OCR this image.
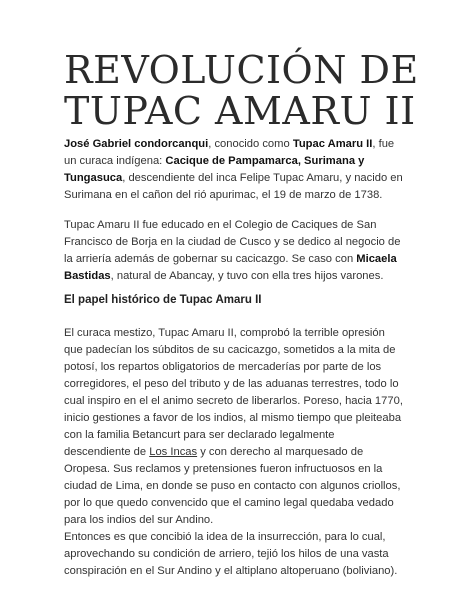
REVOLUCIÓN DE TUPAC AMARU II

José Gabriel condorcanqui, conocido como Tupac Amaru II, fue un curaca indígena: Cacique de Pampamarca, Surimana y Tungasuca, descendiente del inca Felipe Tupac Amaru, y nacido en Surimana en el cañon del rió apurimac, el 19 de marzo de 1738.

Tupac Amaru II fue educado en el Colegio de Caciques de San Francisco de Borja en la ciudad de Cusco y se dedico al negocio de la arriería además de gobernar su cacicazgo. Se caso con Micaela Bastidas, natural de Abancay, y tuvo con ella tres hijos varones.

El papel histórico de Tupac Amaru II

El curaca mestizo, Tupac Amaru II, comprobó la terrible opresión que padecían los súbditos de su cacicazgo, sometidos a la mita de potosí, los repartos obligatorios de mercaderías por parte de los corregidores, el peso del tributo y de las aduanas terrestres, todo lo cual inspiro en el el animo secreto de liberarlos. Poreso, hacia 1770, inicio gestiones a favor de los indios, al mismo tiempo que pleiteaba con la familia Betancurt para ser declarado legalmente descendiente de Los Incas y con derecho al marquesado de Oropesa. Sus reclamos y pretensiones fueron infructuosos en la ciudad de Lima, en donde se puso en contacto con algunos criollos, por lo que quedo convencido que el camino legal quedaba vedado para los indios del sur Andino.
Entonces es que concibió la idea de la insurrección, para lo cual, aprovechando su condición de arriero, tejió los hilos de una vasta conspiración en el Sur Andino y el altiplano altoperuano (boliviano).
